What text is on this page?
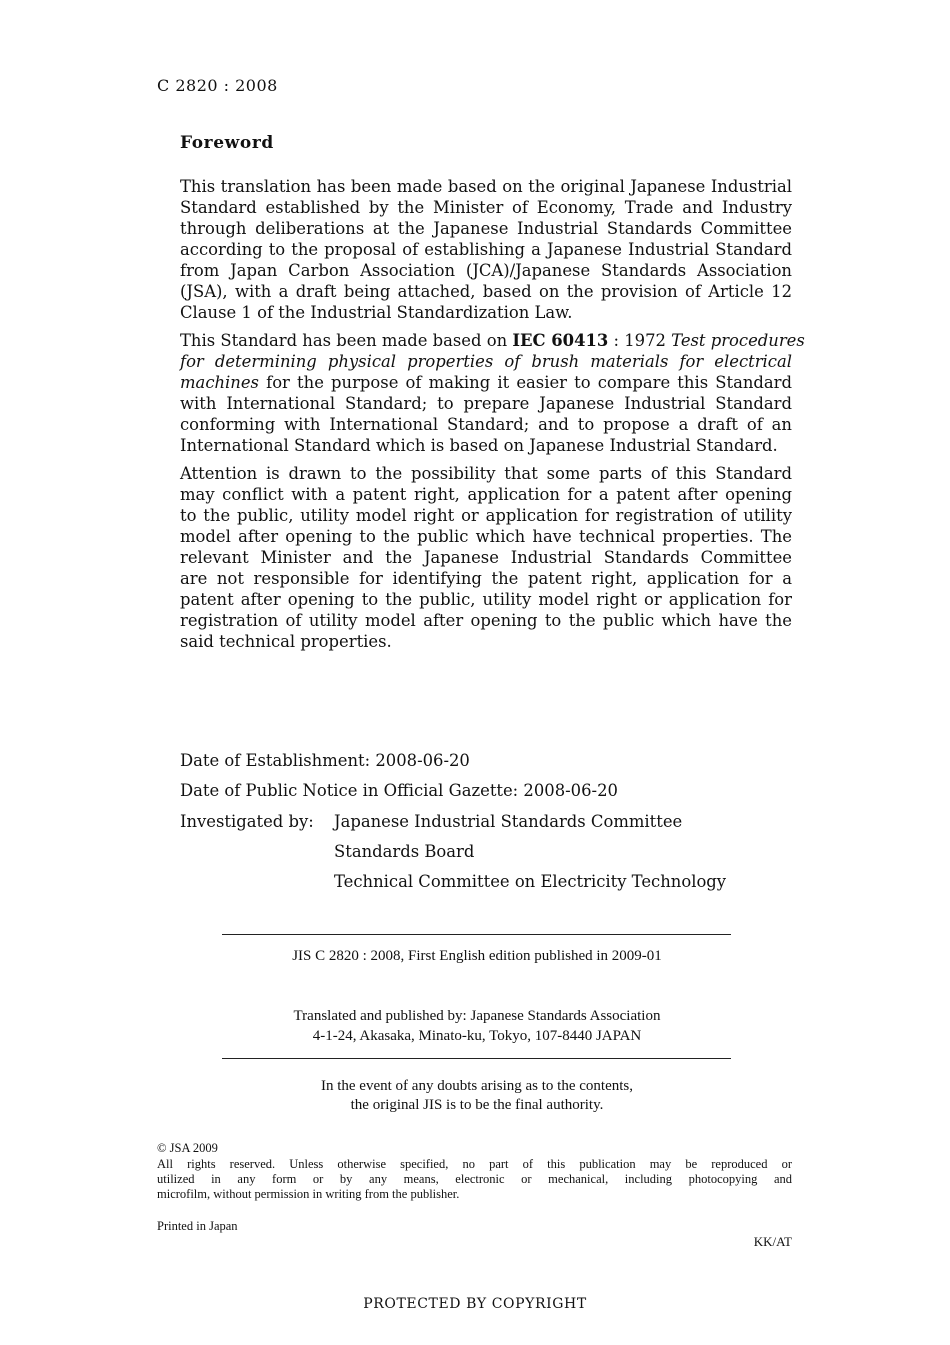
C 2820 : 2008
Foreword
This translation has been made based on the original Japanese Industrial
Standard established by the Minister of Economy, Trade and Industry
through deliberations at the Japanese Industrial Standards Committee
according to the proposal of establishing a Japanese Industrial Standard
from Japan Carbon Association (JCA)/Japanese Standards Association
(JSA), with a draft being attached, based on the provision of Article 12
Clause 1 of the Industrial Standardization Law.
This Standard has been made based on IEC 60413 : 1972 Test procedures
for determining physical properties of brush materials for electrical
machines for the purpose of making it easier to compare this Standard
with International Standard; to prepare Japanese Industrial Standard
conforming with International Standard; and to propose a draft of an
International Standard which is based on Japanese Industrial Standard.
Attention is drawn to the possibility that some parts of this Standard
may conflict with a patent right, application for a patent after opening
to the public, utility model right or application for registration of utility
model after opening to the public which have technical properties. The
relevant Minister and the Japanese Industrial Standards Committee
are not responsible for identifying the patent right, application for a
patent after opening to the public, utility model right or application for
registration of utility model after opening to the public which have the
said technical properties.
Date of Establishment: 2008-06-20
Date of Public Notice in Official Gazette: 2008-06-20
Investigated by: Japanese Industrial Standards Committee
Standards Board
Technical Committee on Electricity Technology
JIS C 2820 : 2008, First English edition published in 2009-01
Translated and published by: Japanese Standards Association
4-1-24, Akasaka, Minato-ku, Tokyo, 107-8440 JAPAN
In the event of any doubts arising as to the contents,
the original JIS is to be the final authority.
© JSA 2009
All rights reserved. Unless otherwise specified, no part of this publication may be reproduced or
utilized in any form or by any means, electronic or mechanical, including photocopying and
microfilm, without permission in writing from the publisher.
Printed in Japan
KK/AT
PROTECTED BY COPYRIGHT
